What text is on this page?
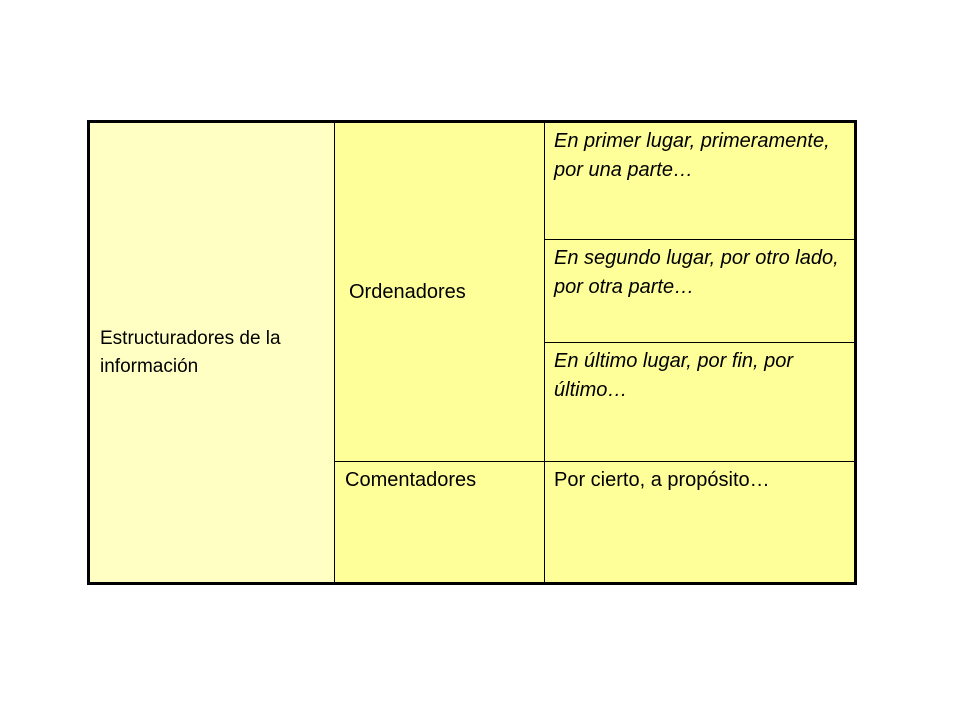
Estructuradores de la información	Ordenadores	En primer lugar, primeramente, por una parte…
		En segundo lugar, por otro lado, por otra parte…
		En último lugar, por fin, por último…
	Comentadores	Por cierto, a propósito…
